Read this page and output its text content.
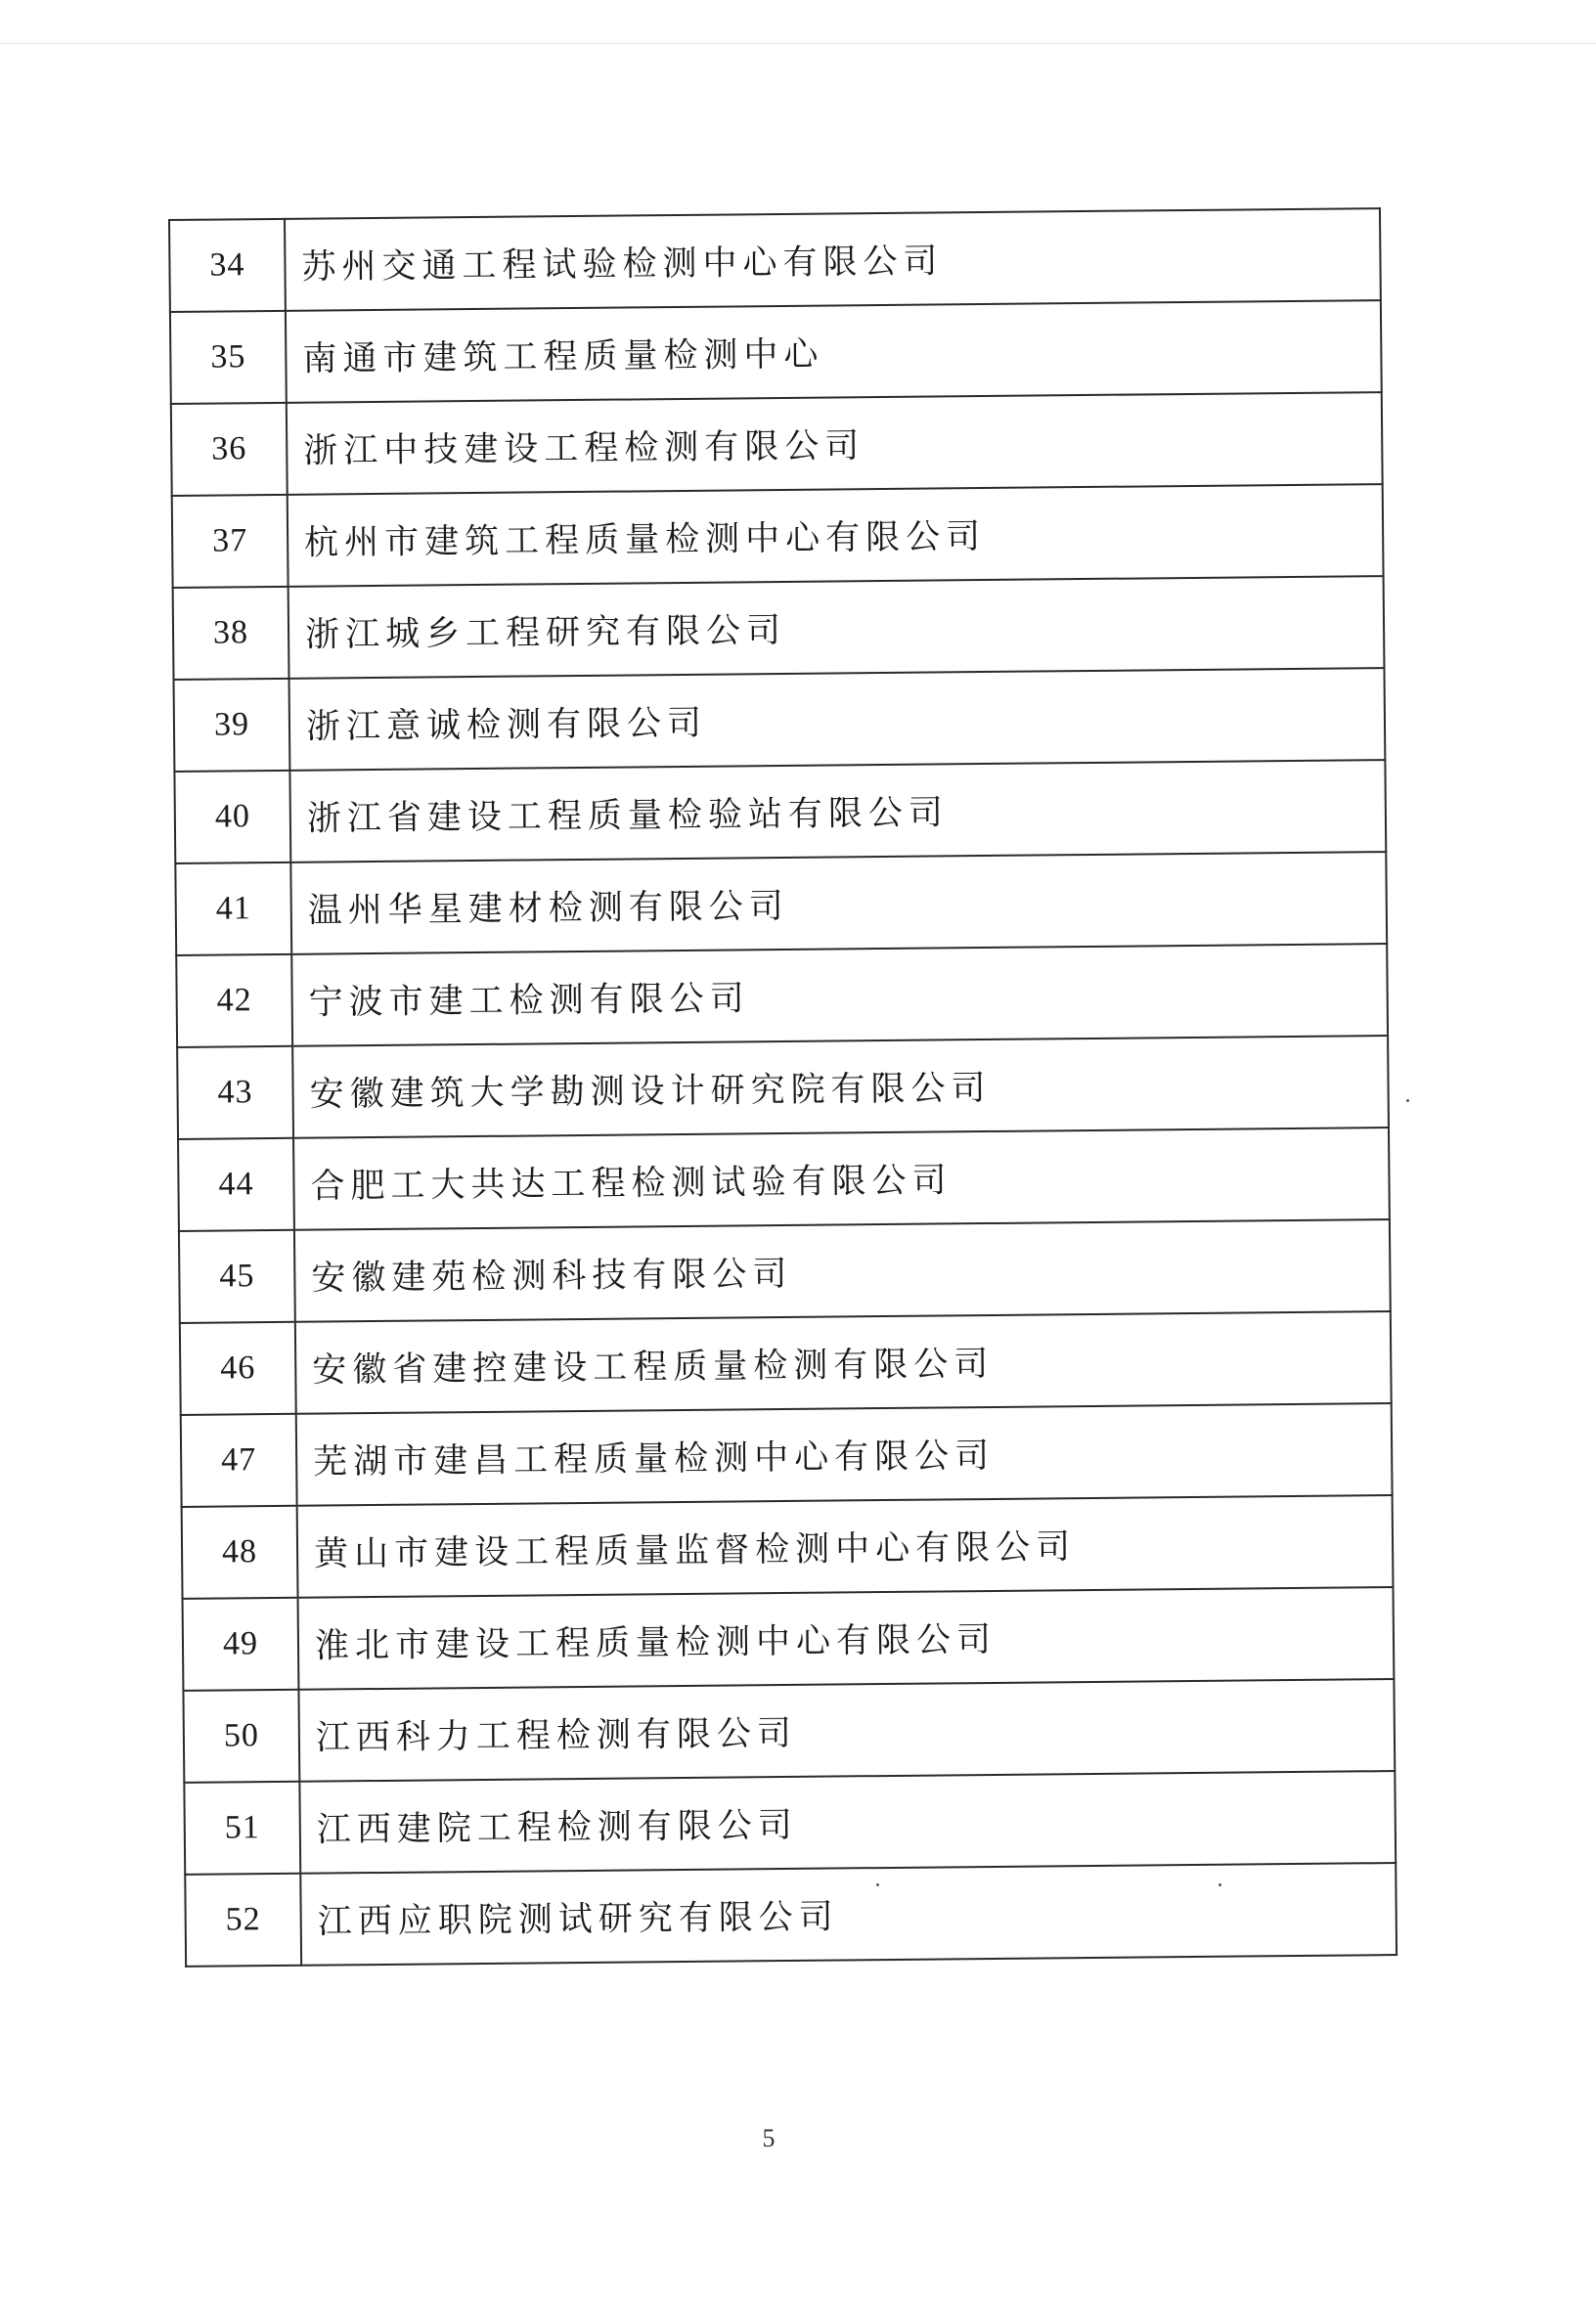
34	苏州交通工程试验检测中心有限公司
35	南通市建筑工程质量检测中心
36	浙江中技建设工程检测有限公司
37	杭州市建筑工程质量检测中心有限公司
38	浙江城乡工程研究有限公司
39	浙江意诚检测有限公司
40	浙江省建设工程质量检验站有限公司
41	温州华星建材检测有限公司
42	宁波市建工检测有限公司
43	安徽建筑大学勘测设计研究院有限公司
44	合肥工大共达工程检测试验有限公司
45	安徽建苑检测科技有限公司
46	安徽省建控建设工程质量检测有限公司
47	芜湖市建昌工程质量检测中心有限公司
48	黄山市建设工程质量监督检测中心有限公司
49	淮北市建设工程质量检测中心有限公司
50	江西科力工程检测有限公司
51	江西建院工程检测有限公司
52	江西应职院测试研究有限公司
5
